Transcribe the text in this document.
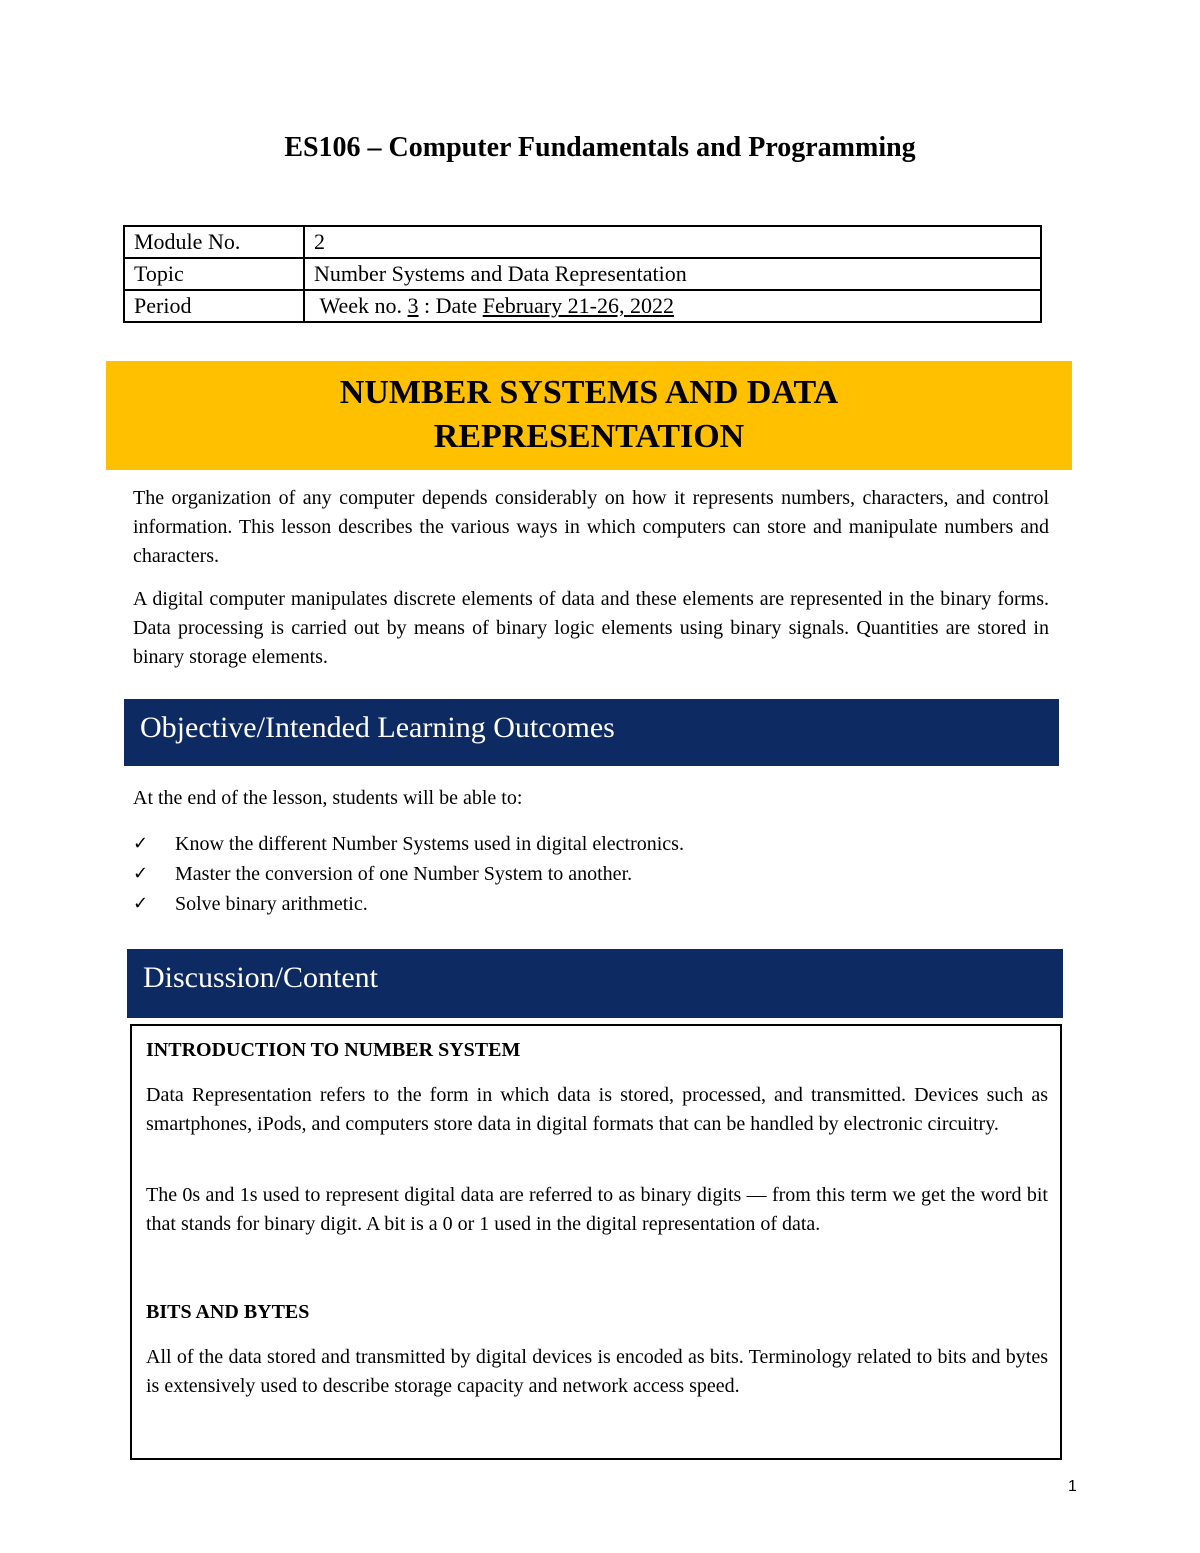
ES106 – Computer Fundamentals and Programming
Module No.	2
Topic	Number Systems and Data Representation
Period	Week no. 3 : Date February 21-26, 2022
NUMBER SYSTEMS AND DATA
REPRESENTATION

The organization of any computer depends considerably on how it represents numbers, characters, and control information. This lesson describes the various ways in which computers can store and manipulate numbers and characters.

A digital computer manipulates discrete elements of data and these elements are represented in the binary forms. Data processing is carried out by means of binary logic elements using binary signals. Quantities are stored in binary storage elements.

Objective/Intended Learning Outcomes

At the end of the lesson, students will be able to:

✓	Know the different Number Systems used in digital electronics.
✓	Master the conversion of one Number System to another.
✓	Solve binary arithmetic.
Discussion/Content
INTRODUCTION TO NUMBER SYSTEM

Data Representation refers to the form in which data is stored, processed, and transmitted. Devices such as smartphones, iPods, and computers store data in digital formats that can be handled by electronic circuitry.

The 0s and 1s used to represent digital data are referred to as binary digits — from this term we get the word bit that stands for binary digit. A bit is a 0 or 1 used in the digital representation of data.

BITS AND BYTES

All of the data stored and transmitted by digital devices is encoded as bits. Terminology related to bits and bytes is extensively used to describe storage capacity and network access speed.

1
